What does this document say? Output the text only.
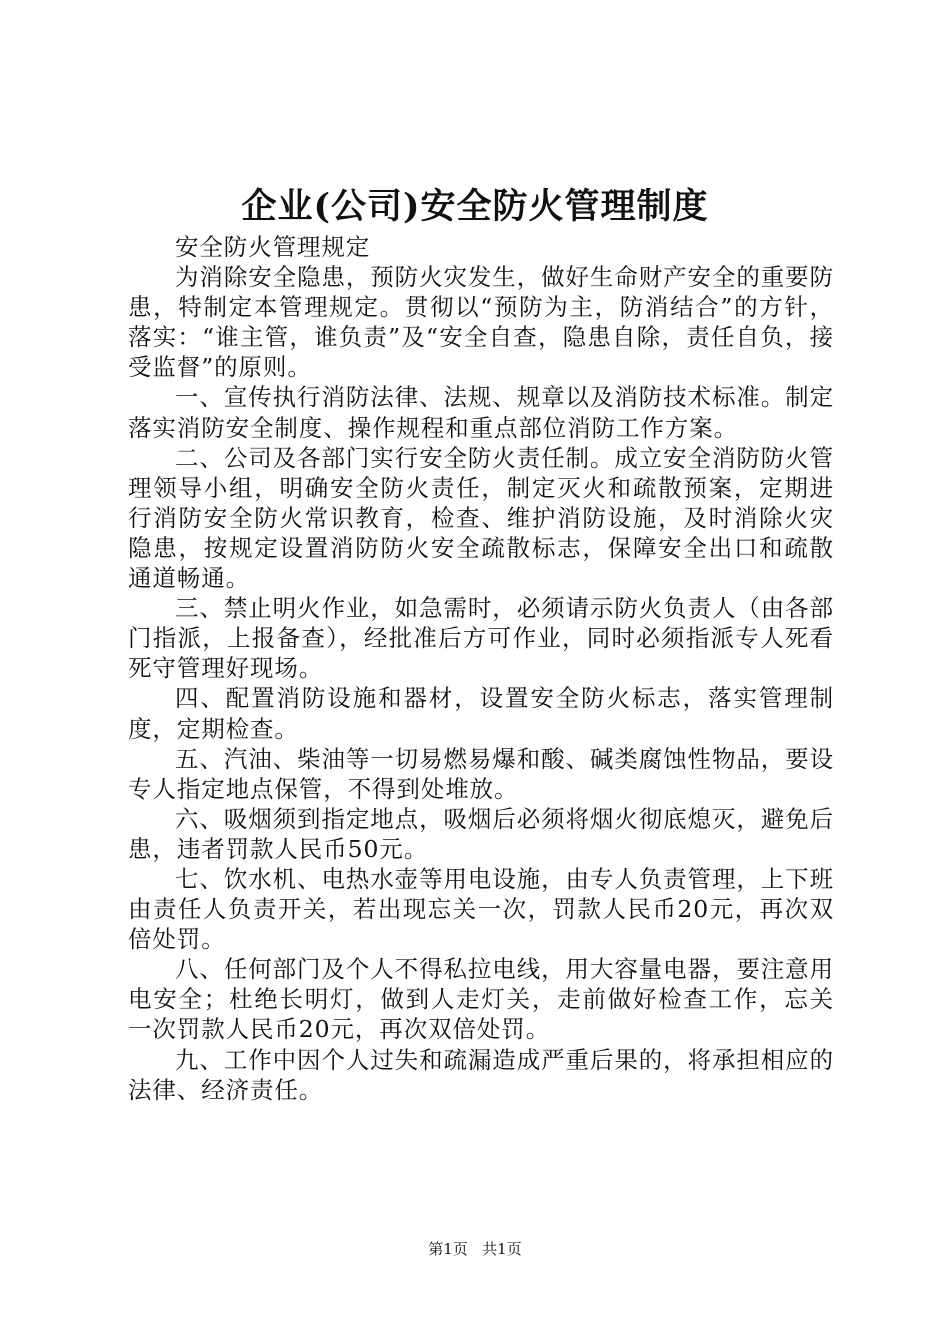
企业(公司)安全防火管理制度

安全防火管理规定

为消除安全隐患，预防火灾发生，做好生命财产安全的重要防患，特制定本管理规定。贯彻以“预防为主，防消结合”的方针，落实：“谁主管，谁负责”及“安全自查，隐患自除，责任自负，接受监督”的原则。

一、宣传执行消防法律、法规、规章以及消防技术标准。制定落实消防安全制度、操作规程和重点部位消防工作方案。

二、公司及各部门实行安全防火责任制。成立安全消防防火管理领导小组，明确安全防火责任，制定灭火和疏散预案，定期进行消防安全防火常识教育，检查、维护消防设施，及时消除火灾隐患，按规定设置消防防火安全疏散标志，保障安全出口和疏散通道畅通。

三、禁止明火作业，如急需时，必须请示防火负责人（由各部门指派，上报备查），经批准后方可作业，同时必须指派专人死看死守管理好现场。

四、配置消防设施和器材，设置安全防火标志，落实管理制度，定期检查。

五、汽油、柴油等一切易燃易爆和酸、碱类腐蚀性物品，要设专人指定地点保管，不得到处堆放。

六、吸烟须到指定地点，吸烟后必须将烟火彻底熄灭，避免后患，违者罚款人民币50元。

七、饮水机、电热水壶等用电设施，由专人负责管理，上下班由责任人负责开关，若出现忘关一次，罚款人民币20元，再次双倍处罚。

八、任何部门及个人不得私拉电线，用大容量电器，要注意用电安全；杜绝长明灯，做到人走灯关，走前做好检查工作，忘关一次罚款人民币20元，再次双倍处罚。

九、工作中因个人过失和疏漏造成严重后果的，将承担相应的法律、经济责任。

第1页 共1页
